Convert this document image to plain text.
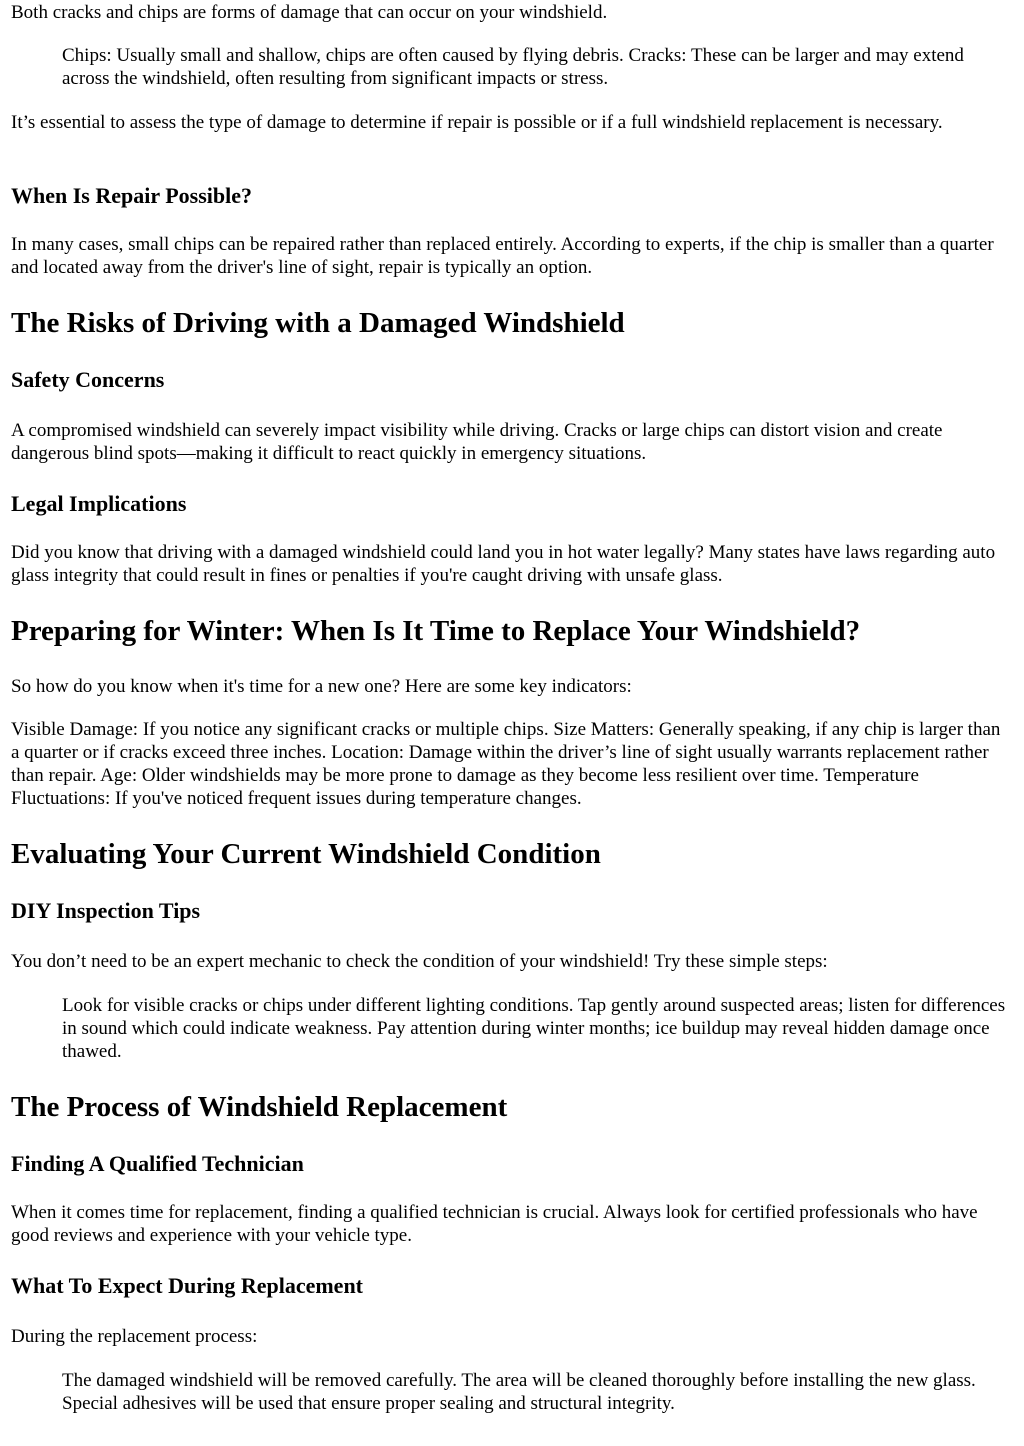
Both cracks and chips are forms of damage that can occur on your windshield.

Chips: Usually small and shallow, chips are often caused by flying debris. Cracks: These can be larger and may extend across the windshield, often resulting from significant impacts or stress.

It’s essential to assess the type of damage to determine if repair is possible or if a full windshield replacement is necessary.

When Is Repair Possible?

In many cases, small chips can be repaired rather than replaced entirely. According to experts, if the chip is smaller than a quarter and located away from the driver's line of sight, repair is typically an option.

The Risks of Driving with a Damaged Windshield
Safety Concerns

A compromised windshield can severely impact visibility while driving. Cracks or large chips can distort vision and create dangerous blind spots—making it difficult to react quickly in emergency situations.

Legal Implications

Did you know that driving with a damaged windshield could land you in hot water legally? Many states have laws regarding auto glass integrity that could result in fines or penalties if you're caught driving with unsafe glass.

Preparing for Winter: When Is It Time to Replace Your Windshield?

So how do you know when it's time for a new one? Here are some key indicators:

Visible Damage: If you notice any significant cracks or multiple chips. Size Matters: Generally speaking, if any chip is larger than a quarter or if cracks exceed three inches. Location: Damage within the driver’s line of sight usually warrants replacement rather than repair. Age: Older windshields may be more prone to damage as they become less resilient over time. Temperature Fluctuations: If you've noticed frequent issues during temperature changes.

Evaluating Your Current Windshield Condition
DIY Inspection Tips

You don’t need to be an expert mechanic to check the condition of your windshield! Try these simple steps:

Look for visible cracks or chips under different lighting conditions. Tap gently around suspected areas; listen for differences in sound which could indicate weakness. Pay attention during winter months; ice buildup may reveal hidden damage once thawed.

The Process of Windshield Replacement
Finding A Qualified Technician

When it comes time for replacement, finding a qualified technician is crucial. Always look for certified professionals who have good reviews and experience with your vehicle type.

What To Expect During Replacement

During the replacement process:

The damaged windshield will be removed carefully. The area will be cleaned thoroughly before installing the new glass. Special adhesives will be used that ensure proper sealing and structural integrity.
